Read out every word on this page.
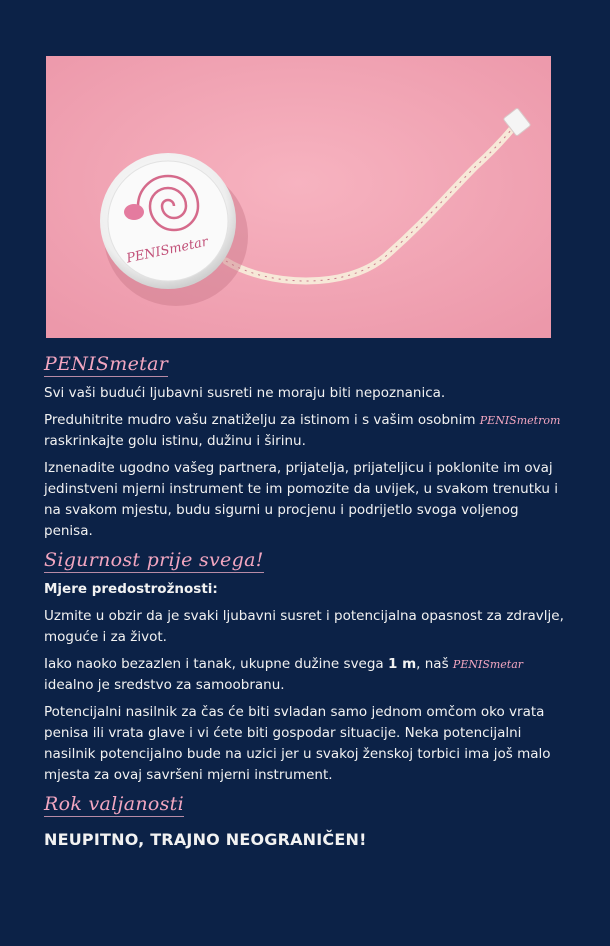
PENISmetar
PENISmetar

Svi vaši budući ljubavni susreti ne moraju biti nepoznanica.

Preduhitrite mudro vašu znatiželju za istinom i s vašim osobnim PENISmetrom raskrinkajte golu istinu, dužinu i širinu.

Iznenadite ugodno vašeg partnera, prijatelja, prijateljicu i poklonite im ovaj jedinstveni mjerni instrument te im pomozite da uvijek, u svakom trenutku i na svakom mjestu, budu sigurni u procjenu i podrijetlo svoga voljenog penisa.

Sigurnost prije svega!

Mjere predostrožnosti:

Uzmite u obzir da je svaki ljubavni susret i potencijalna opasnost za zdravlje, moguće i za život.

Iako naoko bezazlen i tanak, ukupne dužine svega 1 m, naš PENISmetar idealno je sredstvo za samoobranu.

Potencijalni nasilnik za čas će biti svladan samo jednom omčom oko vrata penisa ili vrata glave i vi ćete biti gospodar situacije. Neka potencijalni nasilnik potencijalno bude na uzici jer u svakoj ženskoj torbici ima još malo mjesta za ovaj savršeni mjerni instrument.

Rok valjanosti

NEUPITNO, TRAJNO NEOGRANIČEN!
